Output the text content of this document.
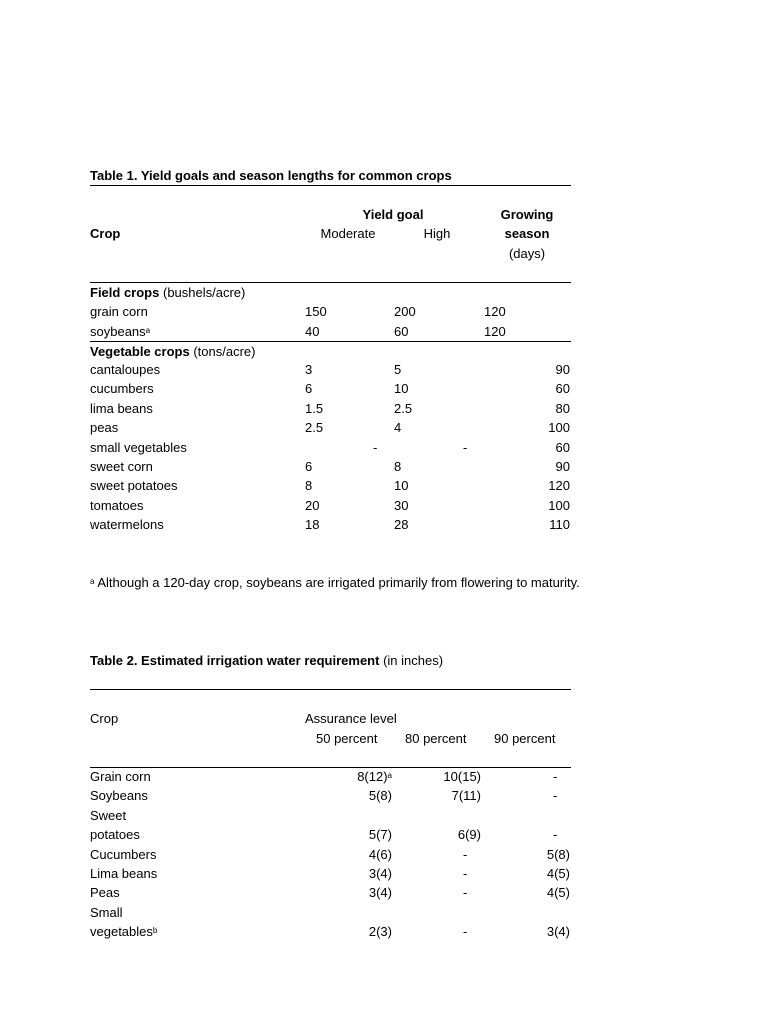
Table 1. Yield goals and season lengths for common crops
Crop
Yield goal
Moderate	High
Growing
season
(days)
Field crops (bushels/acre)
grain corn	150	200	120
soybeans$^a$	40	60	120
Vegetable crops (tons/acre)
cantaloupes	3	5	90
cucumbers	6	10	60
lima beans	1.5	2.5	80
peas	2.5	4	100
small vegetables	-	-	60
sweet corn	6	8	90
sweet potatoes	8	10	120
tomatoes	20	30	100
watermelons	18	28	110
$^a$ Although a 120-day crop, soybeans are irrigated primarily from flowering to maturity.
Table 2. Estimated irrigation water requirement (in inches)
Crop	Assurance level
50 percent 80 percent 90 percent
Grain corn	$8(12)^a$	10(15)	-
Soybeans	5(8)	7(11)	-
Sweet
potatoes	5(7)	6(9)	-
Cucumbers	4(6)	-	5(8)
Lima beans	3(4)	-	4(5)
Peas	3(4)	-	4(5)
Small
vegetables$^b$	2(3)	-	3(4)
